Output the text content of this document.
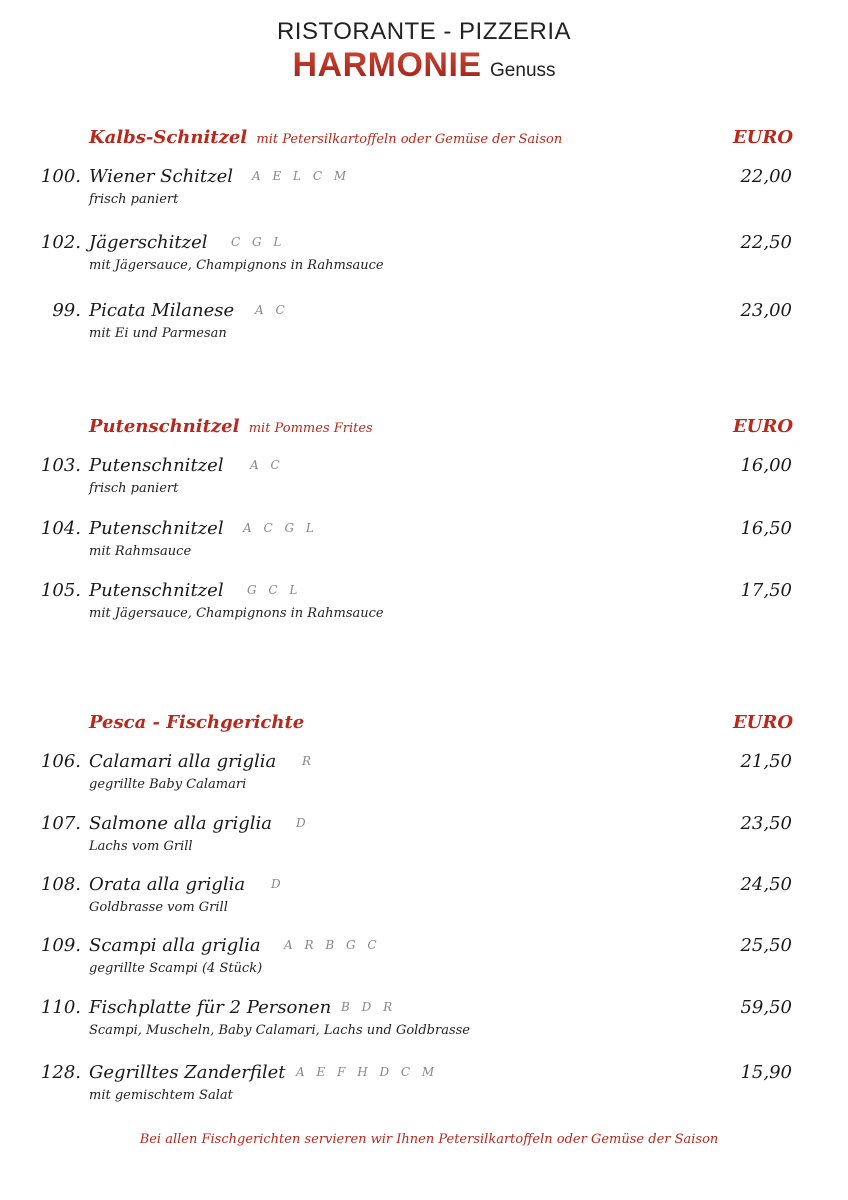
RISTORANTE - PIZZERIA
HARMONIE Genuss
Kalbs-Schnitzel mit Petersilkartoffeln oder Gemüse der Saison	EURO
100. Wiener Schitzel A E L C M
frisch paniert
22,00
102. Jägerschitzel C G L
mit Jägersauce, Champignons in Rahmsauce
22,50
99. Picata Milanese A C
mit Ei und Parmesan
23,00
Putenschnitzel mit Pommes Frites	EURO
103. Putenschnitzel A C
frisch paniert
16,00
104. Putenschnitzel A C G L
mit Rahmsauce
16,50
105. Putenschnitzel G C L
mit Jägersauce, Champignons in Rahmsauce
17,50
Pesca - Fischgerichte	EURO
106. Calamari alla griglia R
gegrillte Baby Calamari
21,50
107. Salmone alla griglia D
Lachs vom Grill
23,50
108. Orata alla griglia D
Goldbrasse vom Grill
24,50
109. Scampi alla griglia A R B G C
gegrillte Scampi (4 Stück)
25,50
110. Fischplatte für 2 Personen B D R
Scampi, Muscheln, Baby Calamari, Lachs und Goldbrasse
59,50
128. Gegrilltes Zanderfilet A E F H D C M
mit gemischtem Salat
15,90
Bei allen Fischgerichten servieren wir Ihnen Petersilkartoffeln oder Gemüse der Saison
